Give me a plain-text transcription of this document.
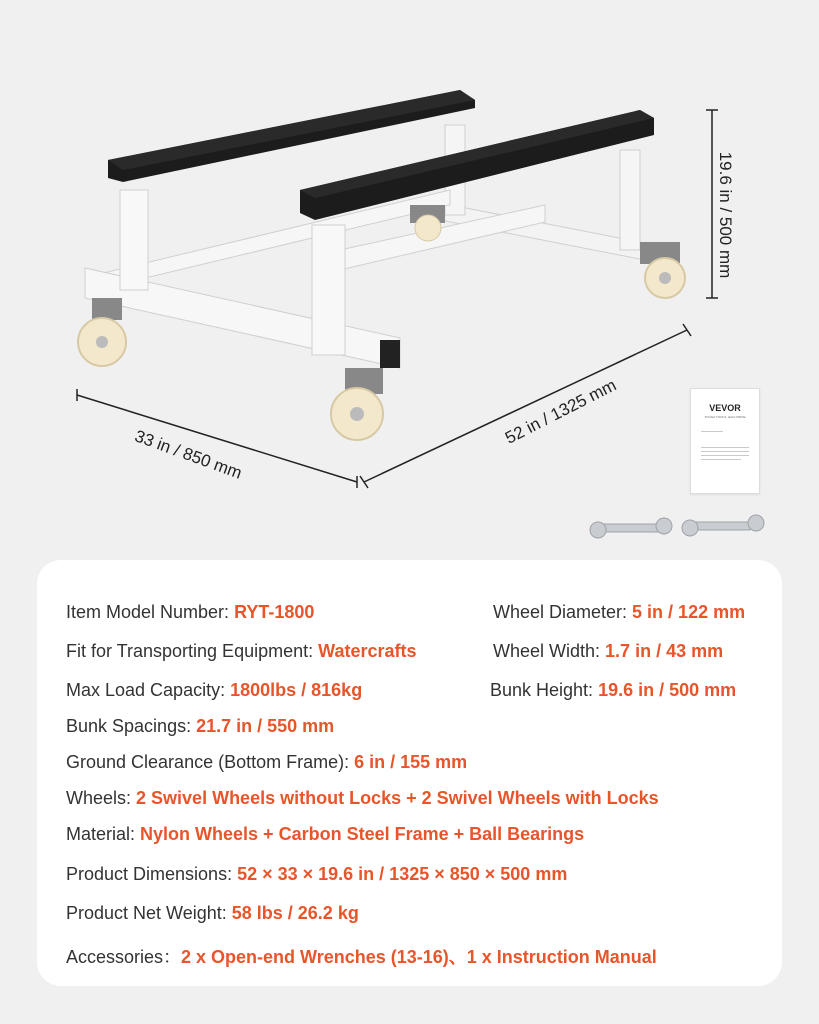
33 in / 850 mm
52 in / 1325 mm
19.6 in / 500 mm
VEVOR
TOUGH TOOLS, HALF PRICE
Item Model Number: RYT-1800	Wheel Diameter: 5 in / 122 mm
Fit for Transporting Equipment: Watercrafts	Wheel Width: 1.7 in / 43 mm
Max Load Capacity: 1800lbs / 816kg	Bunk Height: 19.6 in / 500 mm
Bunk Spacings: 21.7 in / 550 mm
Ground Clearance (Bottom Frame): 6 in / 155 mm
Wheels: 2 Swivel Wheels without Locks + 2 Swivel Wheels with Locks
Material: Nylon Wheels + Carbon Steel Frame + Ball Bearings
Product Dimensions: 52 × 33 × 19.6 in / 1325 × 850 × 500 mm
Product Net Weight: 58 lbs / 26.2 kg
Accessories：2 x Open-end Wrenches (13-16)、1 x Instruction Manual
